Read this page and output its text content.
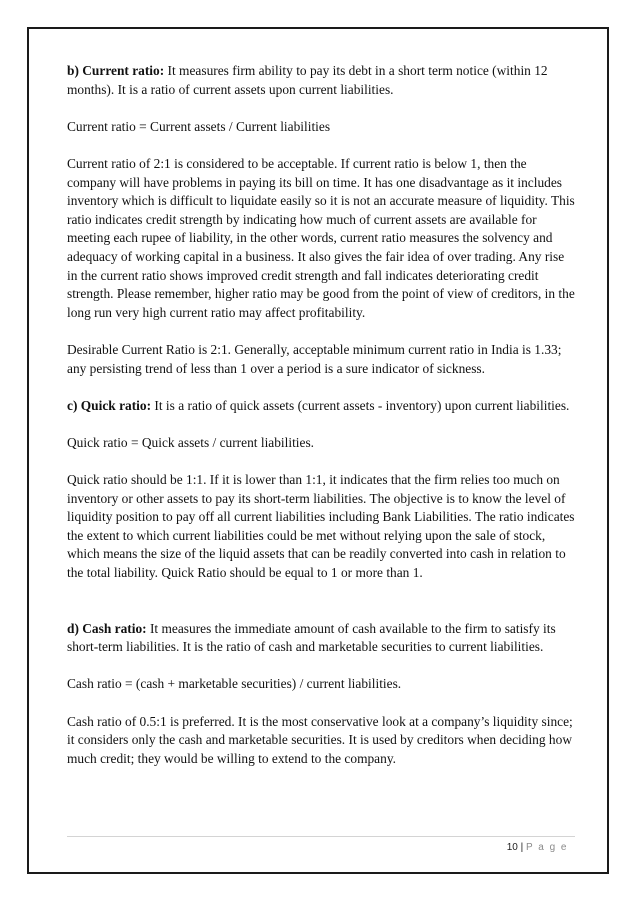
b) Current ratio: It measures firm ability to pay its debt in a short term notice (within 12 months). It is a ratio of current assets upon current liabilities.

Current ratio = Current assets / Current liabilities

Current ratio of 2:1 is considered to be acceptable. If current ratio is below 1, then the company will have problems in paying its bill on time. It has one disadvantage as it includes inventory which is difficult to liquidate easily so it is not an accurate measure of liquidity. This ratio indicates credit strength by indicating how much of current assets are available for meeting each rupee of liability, in the other words, current ratio measures the solvency and adequacy of working capital in a business. It also gives the fair idea of over trading. Any rise in the current ratio shows improved credit strength and fall indicates deteriorating credit strength. Please remember, higher ratio may be good from the point of view of creditors, in the long run very high current ratio may affect profitability.

Desirable Current Ratio is 2:1. Generally, acceptable minimum current ratio in India is 1.33; any persisting trend of less than 1 over a period is a sure indicator of sickness.

c) Quick ratio: It is a ratio of quick assets (current assets - inventory) upon current liabilities.

Quick ratio = Quick assets / current liabilities.

Quick ratio should be 1:1. If it is lower than 1:1, it indicates that the firm relies too much on inventory or other assets to pay its short-term liabilities. The objective is to know the level of liquidity position to pay off all current liabilities including Bank Liabilities. The ratio indicates the extent to which current liabilities could be met without relying upon the sale of stock, which means the size of the liquid assets that can be readily converted into cash in relation to the total liability. Quick Ratio should be equal to 1 or more than 1.

d) Cash ratio: It measures the immediate amount of cash available to the firm to satisfy its short-term liabilities. It is the ratio of cash and marketable securities to current liabilities.

Cash ratio = (cash + marketable securities) / current liabilities.

Cash ratio of 0.5:1 is preferred. It is the most conservative look at a company’s liquidity since; it considers only the cash and marketable securities. It is used by creditors when deciding how much credit; they would be willing to extend to the company.

10 | P a g e
